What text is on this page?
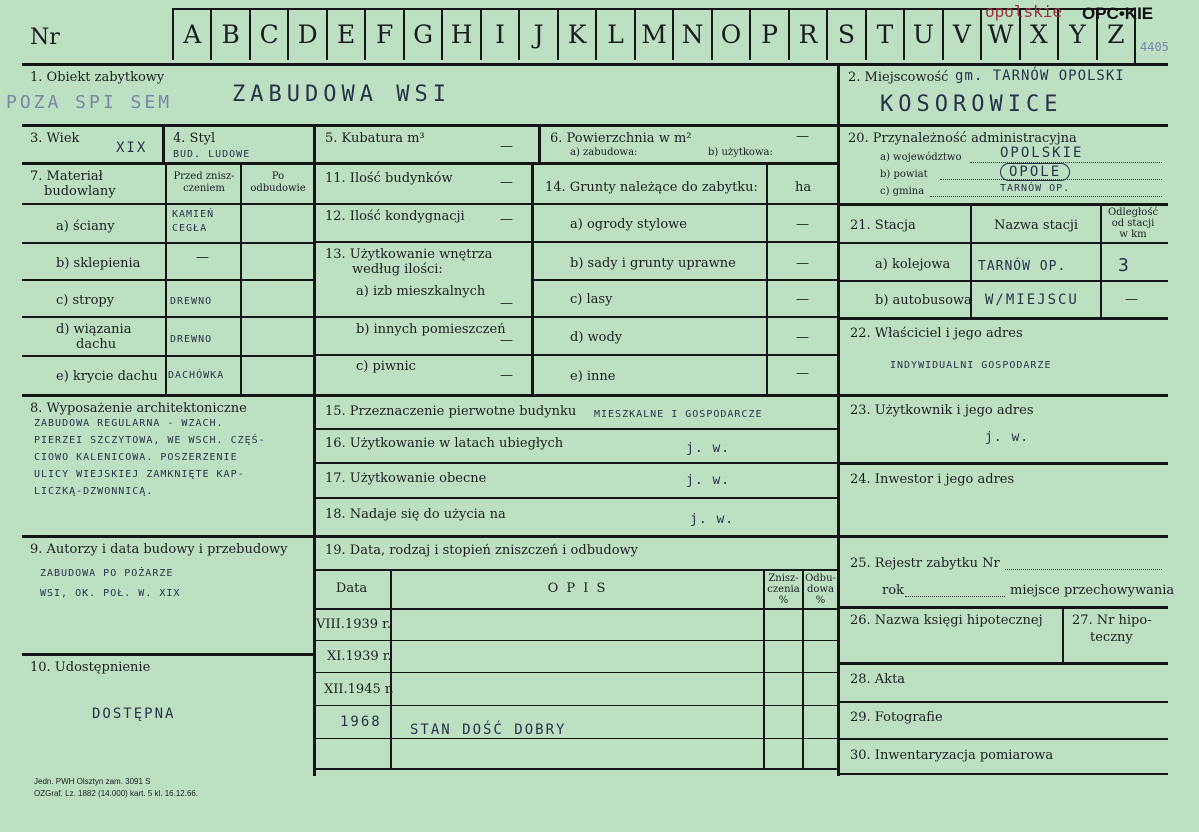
Nr	A B C D E F G H I	J K L M N O P R S T U V W X Y Z
OPC•KIE
opolskie
4405
1. Obiekt zabytkowy
ZABUDOWA WSI
POZA SPI SEM
2. Miejscowość gm. TARNÓW OPOLSKI
KOSOROWICE
3. Wiek
XIX
4. Styl
BUD. LUDOWE
5. Kubatura m³
—
6. Powierzchnia w m²
a) zabudowa:	b) użytkowa:
—
7. Materiał
budowlany
Przed znisz-
czeniem
Po
odbudowie
a) ściany
KAMIEŃ CEGŁA
b) sklepienia	—
c) stropy	DREWNO
d) wiązania
dachu	DREWNO
e) krycie dachu DACHÓWKA
8. Wyposażenie architektoniczne
ZABUDOWA REGULARNA - WZACH.
PIERZEI SZCZYTOWA, WE WSCH. CZĘŚ-
CIOWO KALENICOWA. POSZERZENIE
ULICY WIEJSKIEJ ZAMKNIĘTE KAP-
LICZKĄ-DZWONNICĄ.
9. Autorzy i data budowy i przebudowy
ZABUDOWA PO POŻARZE
WSI, OK. POŁ. W. XIX
10. Udostępnienie
DOSTĘPNA
11. Ilość budynków	—
12. Ilość kondygnacji	—
13. Użytkowanie wnętrza
według ilości:
a) izb mieszkalnych
—
b) innych pomieszczeń
—
c) piwnic
—
14. Grunty należące do zabytku:	ha
a) ogrody stylowe	—
b) sady i grunty uprawne	—
c) lasy	—
d) wody	—
e) inne	—
15. Przeznaczenie pierwotne budynku MIESZKALNE I GOSPODARCZE
16. Użytkowanie w latach ubiegłych	j. w.
17. Użytkowanie obecne	j. w.
18. Nadaje się do użycia na	j. w.
19. Data, rodzaj i stopień zniszczeń i odbudowy
Data	O P I S
Znisz-
czenia
%
Odbu-
dowa
%
VIII.1939 r.
XI.1939 r.
XII.1945 r.
1968 STAN DOŚĆ DOBRY
20. Przynależność administracyjna
a) województwo	OPOLSKIE
b) powiat	OPOLE
c) gmina	TARNÓW OP.
21. Stacja	Nazwa stacji
Odległość
od stacji
w km
a) kolejowa TARNÓW OP.	3
b) autobusowa W/MIEJSCU	—
22. Właściciel i jego adres
INDYWIDUALNI GOSPODARZE
23. Użytkownik i jego adres
j. w.
24. Inwestor i jego adres
25. Rejestr zabytku Nr
rok	miejsce przechowywania
26. Nazwa księgi hipotecznej 27. Nr hipo-
teczny
28. Akta
29. Fotografie
30. Inwentaryzacja pomiarowa
Jedn. PWH Olsztyn zam. 3091 S
OZGraf. Lz. 1882 (14.000) kart. 5 kl. 16.12.66.
